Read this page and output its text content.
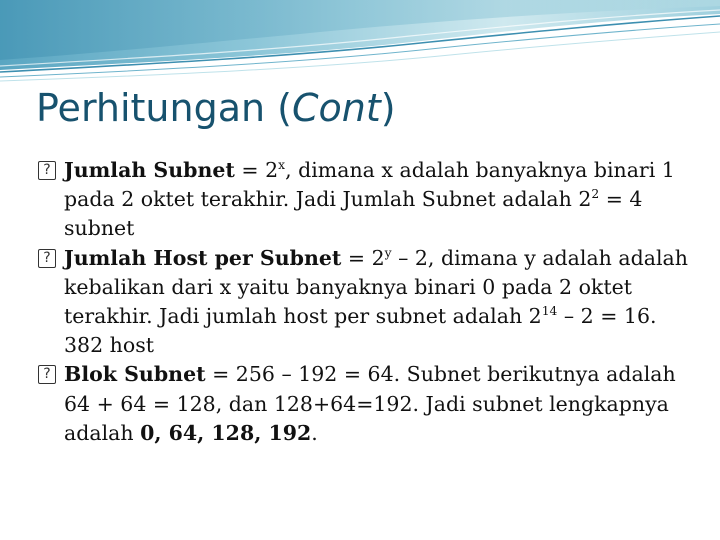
Perhitungan (Cont)
?
Jumlah Subnet = $2^x$, dimana x adalah banyaknya binari 1 pada 2 oktet terakhir. Jadi Jumlah Subnet adalah $2^2 = 4$ subnet
?
Jumlah Host per Subnet = $2^y - 2$, dimana y adalah adalah kebalikan dari x yaitu banyaknya binari 0 pada 2 oktet terakhir. Jadi jumlah host per subnet adalah $2^{14} - 2 = 16$. 382 host
?
Blok Subnet = 256 – 192 = 64. Subnet berikutnya adalah 64 + 64 = 128, dan 128+64=192. Jadi subnet lengkapnya adalah 0, 64, 128, 192.
